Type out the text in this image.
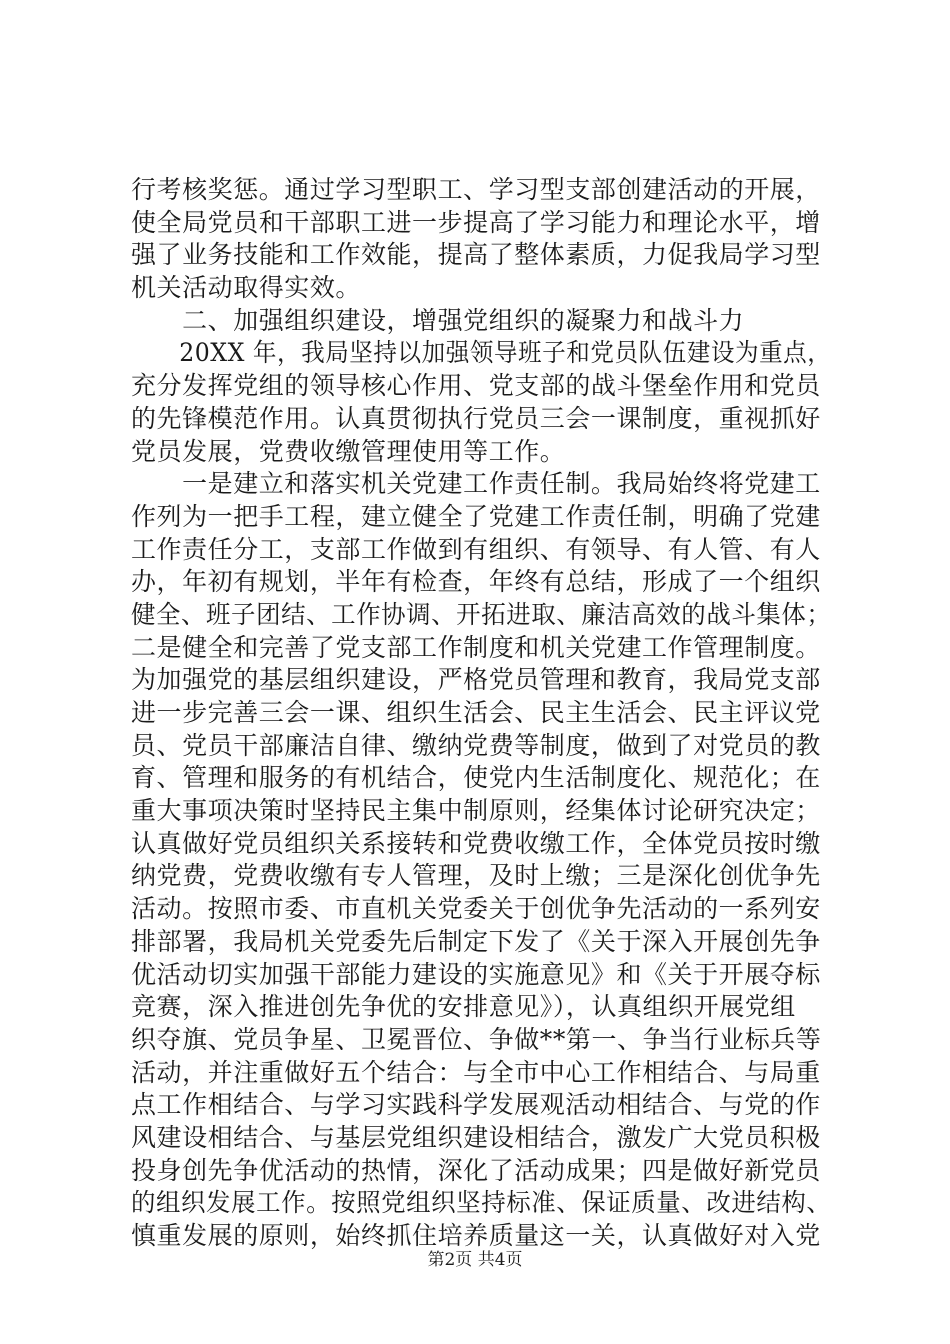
行考核奖惩。通过学习型职工、学习型支部创建活动的开展，
使全局党员和干部职工进一步提高了学习能力和理论水平，增
强了业务技能和工作效能，提高了整体素质，力促我局学习型
机关活动取得实效。
　　二、加强组织建设，增强党组织的凝聚力和战斗力
　　20XX 年，我局坚持以加强领导班子和党员队伍建设为重点，
充分发挥党组的领导核心作用、党支部的战斗堡垒作用和党员
的先锋模范作用。认真贯彻执行党员三会一课制度，重视抓好
党员发展，党费收缴管理使用等工作。
　　一是建立和落实机关党建工作责任制。我局始终将党建工
作列为一把手工程，建立健全了党建工作责任制，明确了党建
工作责任分工，支部工作做到有组织、有领导、有人管、有人
办，年初有规划，半年有检查，年终有总结，形成了一个组织
健全、班子团结、工作协调、开拓进取、廉洁高效的战斗集体；
二是健全和完善了党支部工作制度和机关党建工作管理制度。
为加强党的基层组织建设，严格党员管理和教育，我局党支部
进一步完善三会一课、组织生活会、民主生活会、民主评议党
员、党员干部廉洁自律、缴纳党费等制度，做到了对党员的教
育、管理和服务的有机结合，使党内生活制度化、规范化；在
重大事项决策时坚持民主集中制原则，经集体讨论研究决定；
认真做好党员组织关系接转和党费收缴工作，全体党员按时缴
纳党费，党费收缴有专人管理，及时上缴；三是深化创优争先
活动。按照市委、市直机关党委关于创优争先活动的一系列安
排部署，我局机关党委先后制定下发了《关于深入开展创先争
优活动切实加强干部能力建设的实施意见》和《关于开展夺标
竞赛，深入推进创先争优的安排意见》），认真组织开展党组
织夺旗、党员争星、卫冕晋位、争做**第一、争当行业标兵等
活动，并注重做好五个结合：与全市中心工作相结合、与局重
点工作相结合、与学习实践科学发展观活动相结合、与党的作
风建设相结合、与基层党组织建设相结合，激发广大党员积极
投身创先争优活动的热情，深化了活动成果；四是做好新党员
的组织发展工作。按照党组织坚持标准、保证质量、改进结构、
慎重发展的原则，始终抓住培养质量这一关，认真做好对入党
第2页 共4页
